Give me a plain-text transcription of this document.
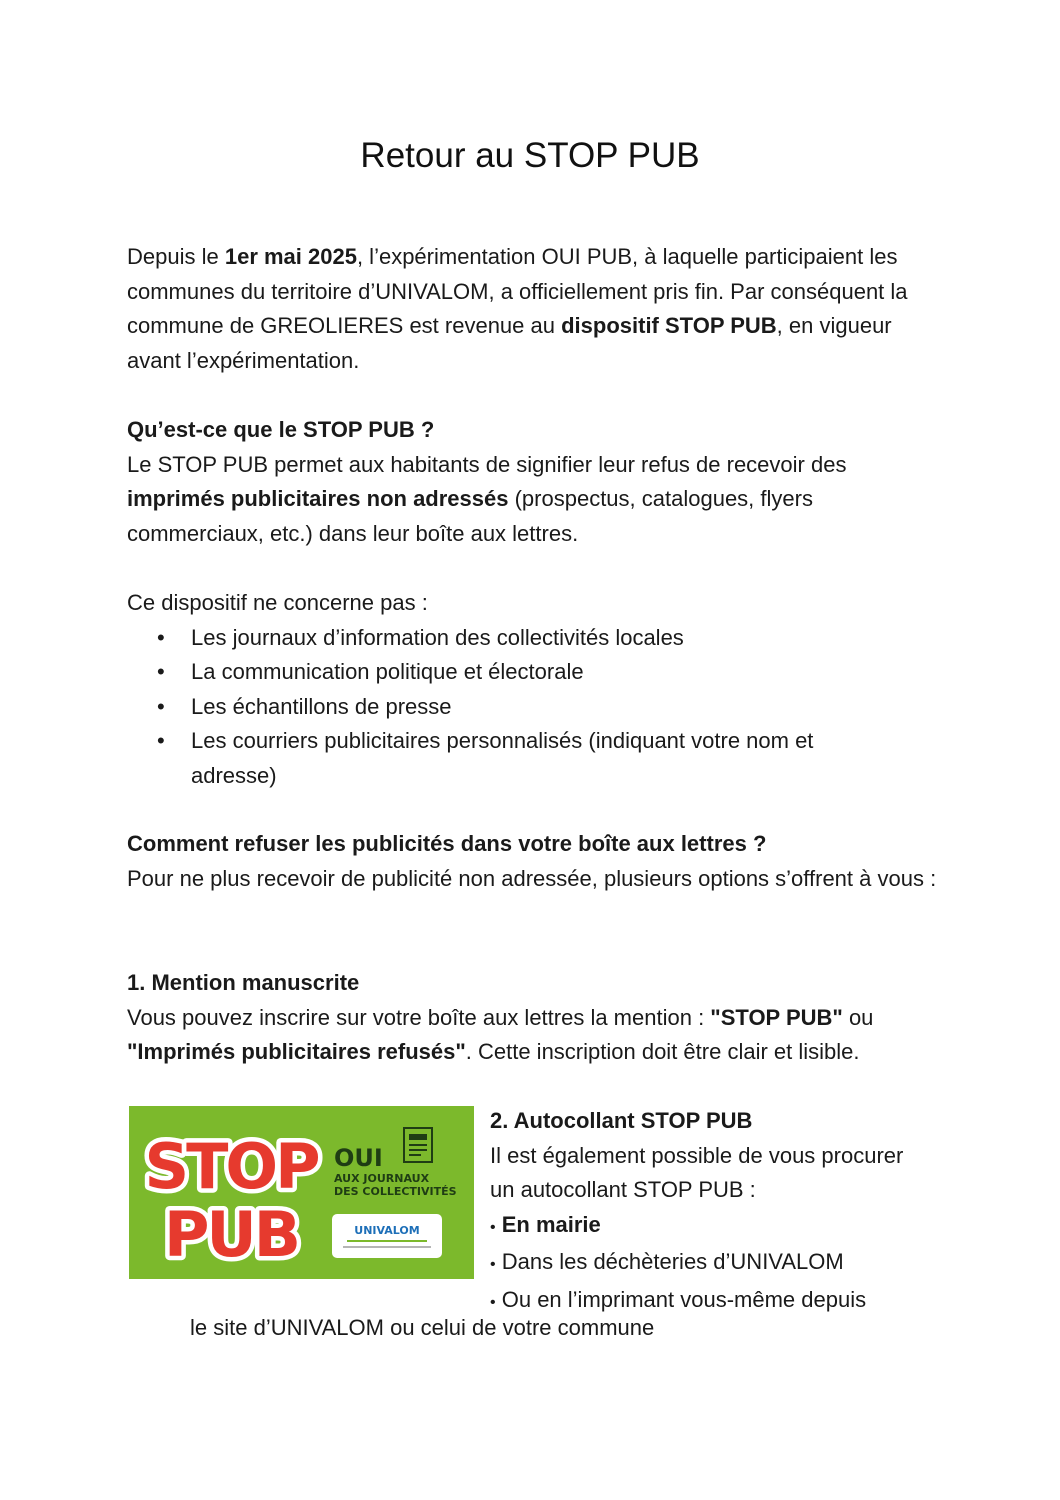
Retour au STOP PUB

Depuis le 1er mai 2025, l’expérimentation OUI PUB, à laquelle participaient les communes du territoire d’UNIVALOM, a officiellement pris fin. Par conséquent la commune de GREOLIERES est revenue au dispositif STOP PUB, en vigueur avant l’expérimentation.

Qu’est-ce que le STOP PUB ?

Le STOP PUB permet aux habitants de signifier leur refus de recevoir des imprimés publicitaires non adressés (prospectus, catalogues, flyers commerciaux, etc.) dans leur boîte aux lettres.

Ce dispositif ne concerne pas :

• Les journaux d’information des collectivités locales
• La communication politique et électorale
• Les échantillons de presse
• Les courriers publicitaires personnalisés (indiquant votre nom et adresse)

Comment refuser les publicités dans votre boîte aux lettres ?

Pour ne plus recevoir de publicité non adressée, plusieurs options s’offrent à vous :

1. Mention manuscrite

Vous pouvez inscrire sur votre boîte aux lettres la mention : "STOP PUB" ou "Imprimés publicitaires refusés". Cette inscription doit être clair et lisible.

STOP
PUB
OUI
AUX JOURNAUX
DES COLLECTIVITÉS
UNIVALOM

2. Autocollant STOP PUB

Il est également possible de vous procurer un autocollant STOP PUB :

• En mairie

• Dans les déchèteries d’UNIVALOM

• Ou en l’imprimant vous-même depuis

le site d’UNIVALOM ou celui de votre commune
